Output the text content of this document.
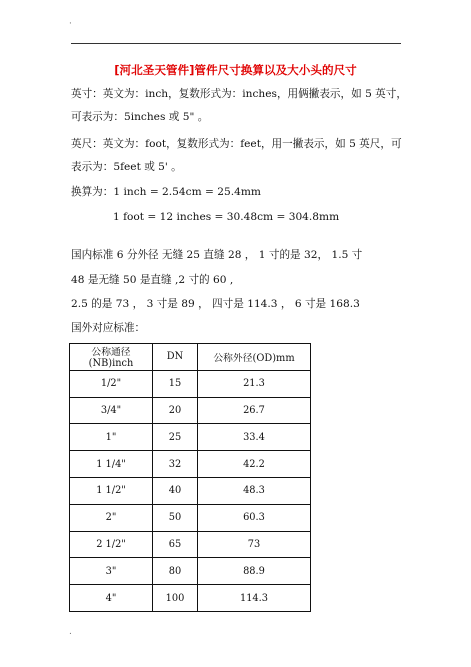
·
[河北圣天管件]管件尺寸换算以及大小头的尺寸
英寸：英文为：inch，复数形式为：inches，用俩撇表示，如 5 英寸，
可表示为：5inches 或 5" 。
英尺：英文为：foot，复数形式为：feet，用一撇表示，如 5 英尺，可
表示为：5feet 或 5' 。
换算为：1 inch = 2.54cm = 25.4mm
1 foot = 12 inches = 30.48cm = 304.8mm
国内标准 6 分外径 无缝 25 直缝 28 ， 1 寸的是 32， 1.5 寸
48 是无缝 50 是直缝 ,2 寸的 60 ,
2.5 的是 73 ， 3 寸是 89 ， 四寸是 114.3 ， 6 寸是 168.3
国外对应标准：
公称通径(NB)inch	DN	公称外径(OD)mm
1/2"	15	21.3
3/4"	20	26.7
1"	25	33.4
1 1/4"	32	42.2
1 1/2"	40	48.3
2"	50	60.3
2 1/2"	65	73
3"	80	88.9
4"	100	114.3
.
